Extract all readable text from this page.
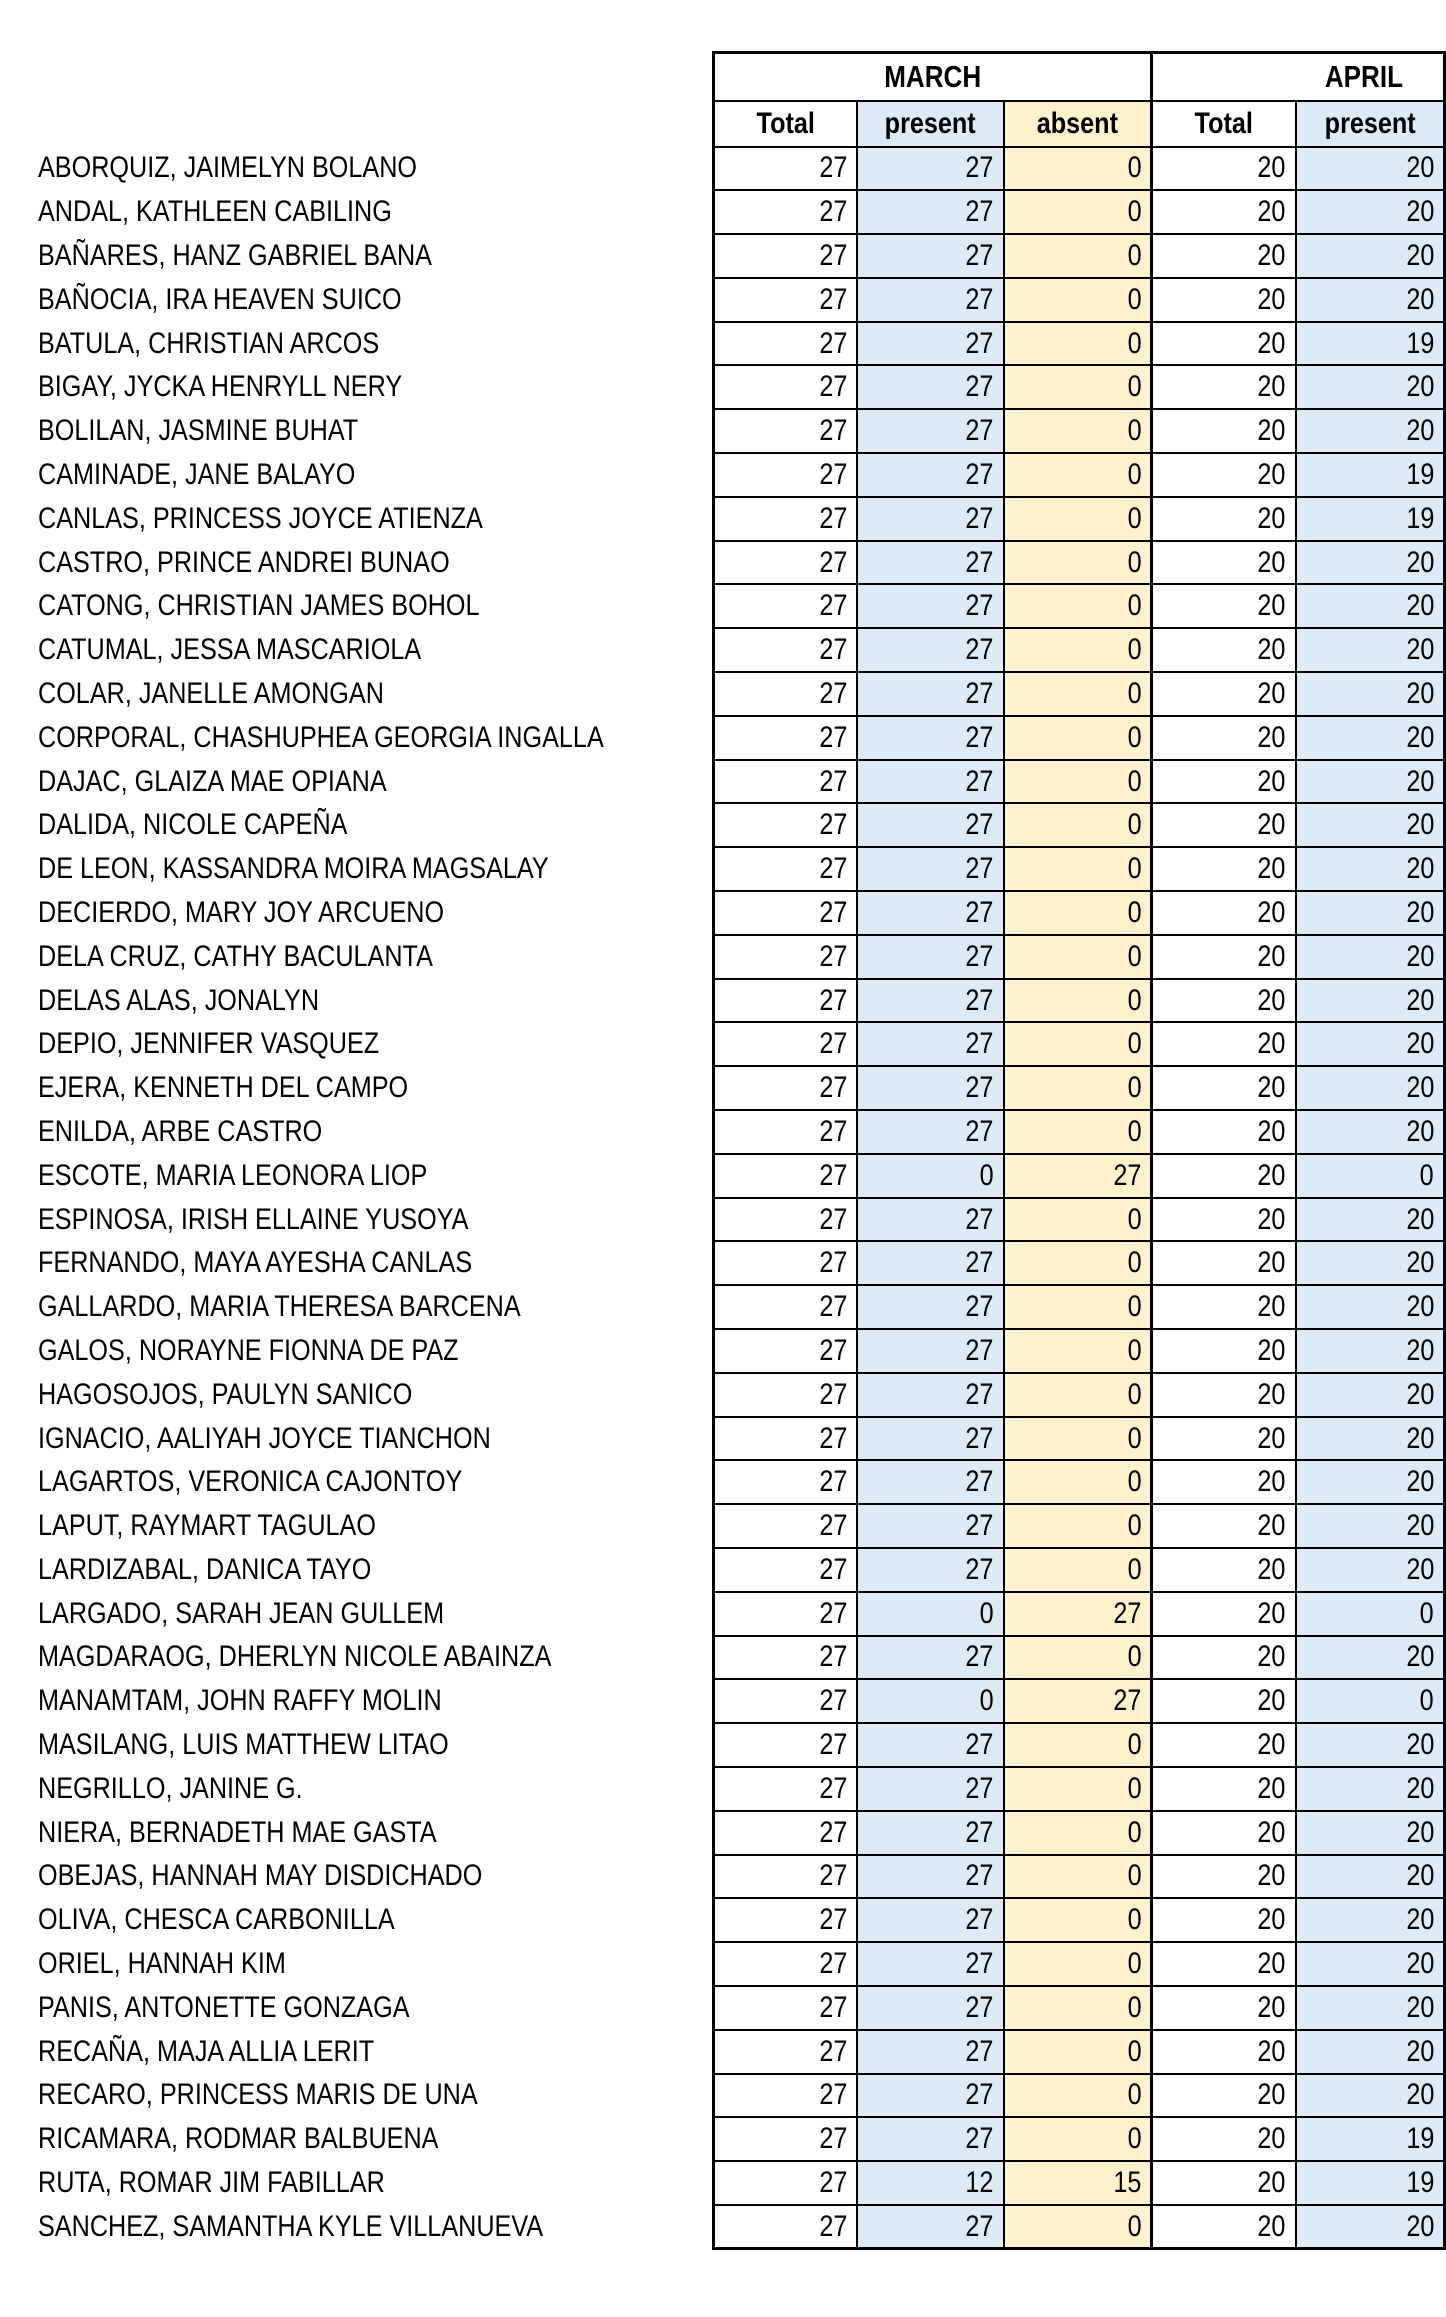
	MARCH			APRIL	
	Total	present	absent	Total	present
ABORQUIZ, JAIMELYN BOLANO	27	27	0	20	20
ANDAL, KATHLEEN CABILING	27	27	0	20	20
BAÑARES, HANZ GABRIEL BANA	27	27	0	20	20
BAÑOCIA, IRA HEAVEN SUICO	27	27	0	20	20
BATULA, CHRISTIAN ARCOS	27	27	0	20	19
BIGAY, JYCKA HENRYLL NERY	27	27	0	20	20
BOLILAN, JASMINE BUHAT	27	27	0	20	20
CAMINADE, JANE BALAYO	27	27	0	20	19
CANLAS, PRINCESS JOYCE ATIENZA	27	27	0	20	19
CASTRO, PRINCE ANDREI BUNAO	27	27	0	20	20
CATONG, CHRISTIAN JAMES BOHOL	27	27	0	20	20
CATUMAL, JESSA MASCARIOLA	27	27	0	20	20
COLAR, JANELLE AMONGAN	27	27	0	20	20
CORPORAL, CHASHUPHEA GEORGIA INGALLA	27	27	0	20	20
DAJAC, GLAIZA MAE OPIANA	27	27	0	20	20
DALIDA, NICOLE CAPEÑA	27	27	0	20	20
DE LEON, KASSANDRA MOIRA MAGSALAY	27	27	0	20	20
DECIERDO, MARY JOY ARCUENO	27	27	0	20	20
DELA CRUZ, CATHY BACULANTA	27	27	0	20	20
DELAS ALAS, JONALYN	27	27	0	20	20
DEPIO, JENNIFER VASQUEZ	27	27	0	20	20
EJERA, KENNETH DEL CAMPO	27	27	0	20	20
ENILDA, ARBE CASTRO	27	27	0	20	20
ESCOTE, MARIA LEONORA LIOP	27	0	27	20	0
ESPINOSA, IRISH ELLAINE YUSOYA	27	27	0	20	20
FERNANDO, MAYA AYESHA CANLAS	27	27	0	20	20
GALLARDO, MARIA THERESA BARCENA	27	27	0	20	20
GALOS, NORAYNE FIONNA DE PAZ	27	27	0	20	20
HAGOSOJOS, PAULYN SANICO	27	27	0	20	20
IGNACIO, AALIYAH JOYCE TIANCHON	27	27	0	20	20
LAGARTOS, VERONICA CAJONTOY	27	27	0	20	20
LAPUT, RAYMART TAGULAO	27	27	0	20	20
LARDIZABAL, DANICA TAYO	27	27	0	20	20
LARGADO, SARAH JEAN GULLEM	27	0	27	20	0
MAGDARAOG, DHERLYN NICOLE ABAINZA	27	27	0	20	20
MANAMTAM, JOHN RAFFY MOLIN	27	0	27	20	0
MASILANG, LUIS MATTHEW LITAO	27	27	0	20	20
NEGRILLO, JANINE G.	27	27	0	20	20
NIERA, BERNADETH MAE GASTA	27	27	0	20	20
OBEJAS, HANNAH MAY DISDICHADO	27	27	0	20	20
OLIVA, CHESCA CARBONILLA	27	27	0	20	20
ORIEL, HANNAH KIM	27	27	0	20	20
PANIS, ANTONETTE GONZAGA	27	27	0	20	20
RECAÑA, MAJA ALLIA LERIT	27	27	0	20	20
RECARO, PRINCESS MARIS DE UNA	27	27	0	20	20
RICAMARA, RODMAR BALBUENA	27	27	0	20	19
RUTA, ROMAR JIM FABILLAR	27	12	15	20	19
SANCHEZ, SAMANTHA KYLE VILLANUEVA	27	27	0	20	20
